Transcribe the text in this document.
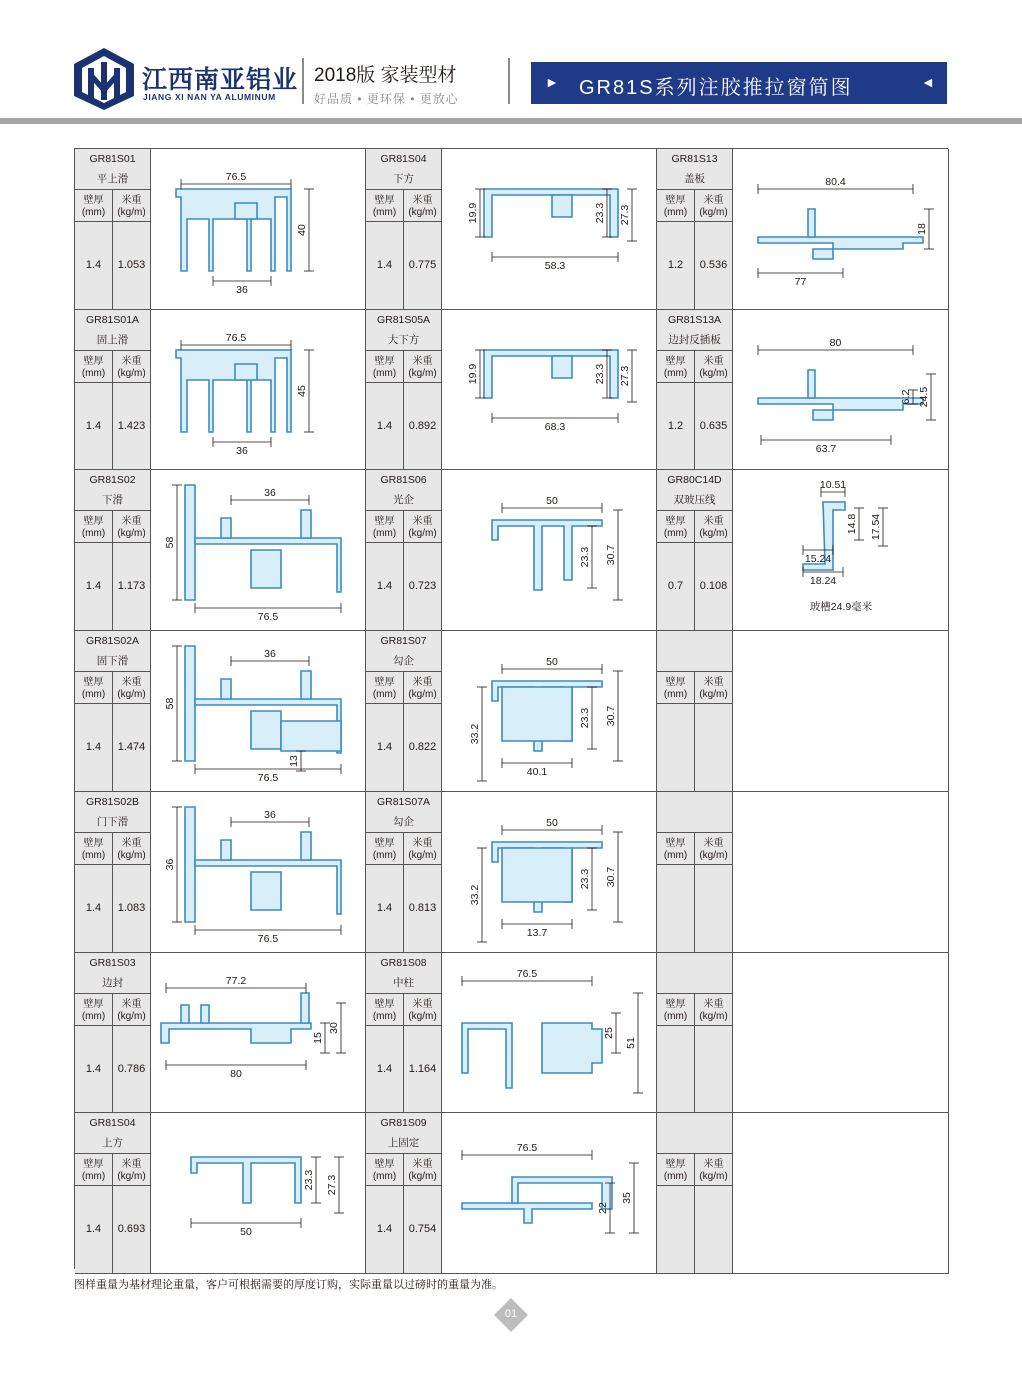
江西南亚铝业
JIANG XI NAN YA ALUMINUM
2018版 家装型材
好品质 • 更环保 • 更放心
► GR81S系列注胶推拉窗简图	◄
GR81S01
平上滑
壁厚
(mm)
米重
(kg/m)
1.4	1.053
76.5
40
36
GR81S01A
固上滑
壁厚
(mm)
米重
(kg/m)
1.4	1.423
76.5
45
36
GR81S02
下滑
壁厚
(mm)
米重
(kg/m)
1.4	1.173
36
58
76.5
GR81S02A
固下滑
壁厚
(mm)
米重
(kg/m)
1.4	1.474
36
58
76.5
13
GR81S02B
门下滑
壁厚
(mm)
米重
(kg/m)
1.4	1.083
36
36
76.5
GR81S03
边封
壁厚
(mm)
米重
(kg/m)
1.4	0.786
77.2
30
15
80
GR81S04
上方
壁厚
(mm)
米重
(kg/m)
1.4	0.693
23.3 27.3
50
GR81S04
下方
壁厚
(mm)
米重
(kg/m)
1.4	0.775
19.9	23.3 27.3
58.3
GR81S05A
大下方
壁厚
(mm)
米重
(kg/m)
1.4	0.892
19.9	23.3 27.3
68.3
GR81S06
光企
壁厚
(mm)
米重
(kg/m)
1.4	0.723
50
23.3 30.7
GR81S07
勾企
壁厚
(mm)
米重
(kg/m)
1.4	0.822
50
33.2
23.3 30.7
40.1
GR81S07A
勾企
壁厚
(mm)
米重
(kg/m)
1.4	0.813
50
33.2
23.3 30.7
13.7
GR81S08
中柱
壁厚
(mm)
米重
(kg/m)
1.4	1.164
76.5
25
51
GR81S09
上固定
壁厚
(mm)
米重
(kg/m)
1.4	0.754
76.5
22
35
GR81S13
盖板
壁厚
(mm)
米重
(kg/m)
1.2	0.536
80.4
18
77
GR81S13A
边封反插板
壁厚
(mm)
米重
(kg/m)
1.2	0.635
80
6.2 24.5
63.7
GR80C14D
双玻压线
壁厚
(mm)
米重
(kg/m)
0.7	0.108
10.51
14.8 17.54
15.24
18.24
玻槽24.9毫米
壁厚
(mm)
米重
(kg/m)
壁厚
(mm)
米重
(kg/m)
壁厚
(mm)
米重
(kg/m)
壁厚
(mm)
米重
(kg/m)
图样重量为基材理论重量，客户可根据需要的厚度订购，实际重量以过磅时的重量为准。
01
